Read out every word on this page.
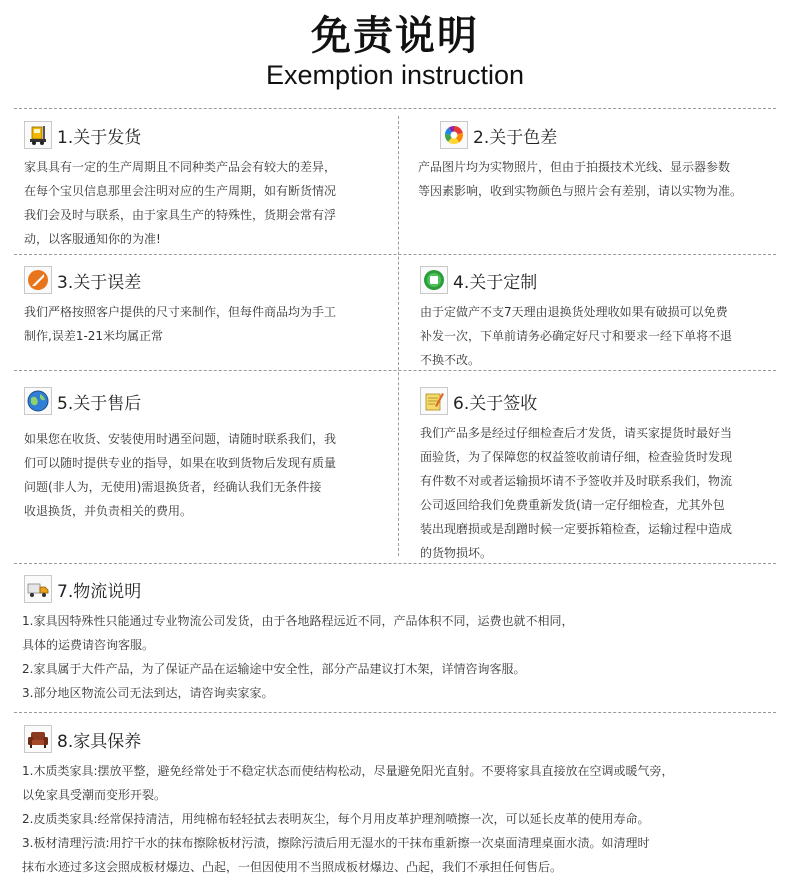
免责说明
Exemption instruction
1.关于发货
家具具有一定的生产周期且不同种类产品会有较大的差异，
在每个宝贝信息那里会注明对应的生产周期，如有断货情况
我们会及时与联系，由于家具生产的特殊性，货期会常有浮
动，以客服通知你的为准!
2.关于色差
产品图片均为实物照片，但由于拍摄技术光线、显示器参数
等因素影响，收到实物颜色与照片会有差别，请以实物为准。
3.关于误差
我们严格按照客户提供的尺寸来制作，但每件商品均为手工
制作,误差1-21米均属正常
4.关于定制
由于定做产不支7天理由退换货处理收如果有破损可以免费
补发一次，下单前请务必确定好尺寸和要求一经下单将不退
不换不改。
5.关于售后
如果您在收货、安装使用时遇至问题，请随时联系我们，我
们可以随时提供专业的指导，如果在收到货物后发现有质量
问题(非人为，无使用)需退换货者，经确认我们无条件接
收退换货，并负责相关的费用。
6.关于签收
我们产品多是经过仔细检查后才发货，请买家提货时最好当
面验货，为了保障您的权益签收前请仔细，检查验货时发现
有件数不对或者运输损坏请不予签收并及时联系我们，物流
公司返回给我们免费重新发货(请一定仔细检查，尤其外包
装出现磨损或是刮蹭时候一定要拆箱检查，运输过程中造成
的货物损坏。
7.物流说明
1.家具因特殊性只能通过专业物流公司发货，由于各地路程远近不同，产品体积不同，运费也就不相同，
具体的运费请咨询客服。
2.家具属于大件产品，为了保证产品在运输途中安全性，部分产品建议打木架，详情咨询客服。
3.部分地区物流公司无法到达，请咨询卖家家。
8.家具保养
1.木质类家具:摆放平整，避免经常处于不稳定状态而使结构松动，尽量避免阳光直射。不要将家具直接放在空调或暖气旁，
以免家具受潮而变形开裂。
2.皮质类家具:经常保持清洁，用纯棉布轻轻拭去表明灰尘，每个月用皮革护理剂喷擦一次，可以延长皮革的使用寿命。
3.板材清理污渍:用拧干水的抹布擦除板材污渍，擦除污渍后用无湿水的干抹布重新擦一次桌面清理桌面水渍。如清理时
抹布水迹过多这会照成板材爆边、凸起，一但因使用不当照成板材爆边、凸起，我们不承担任何售后。
